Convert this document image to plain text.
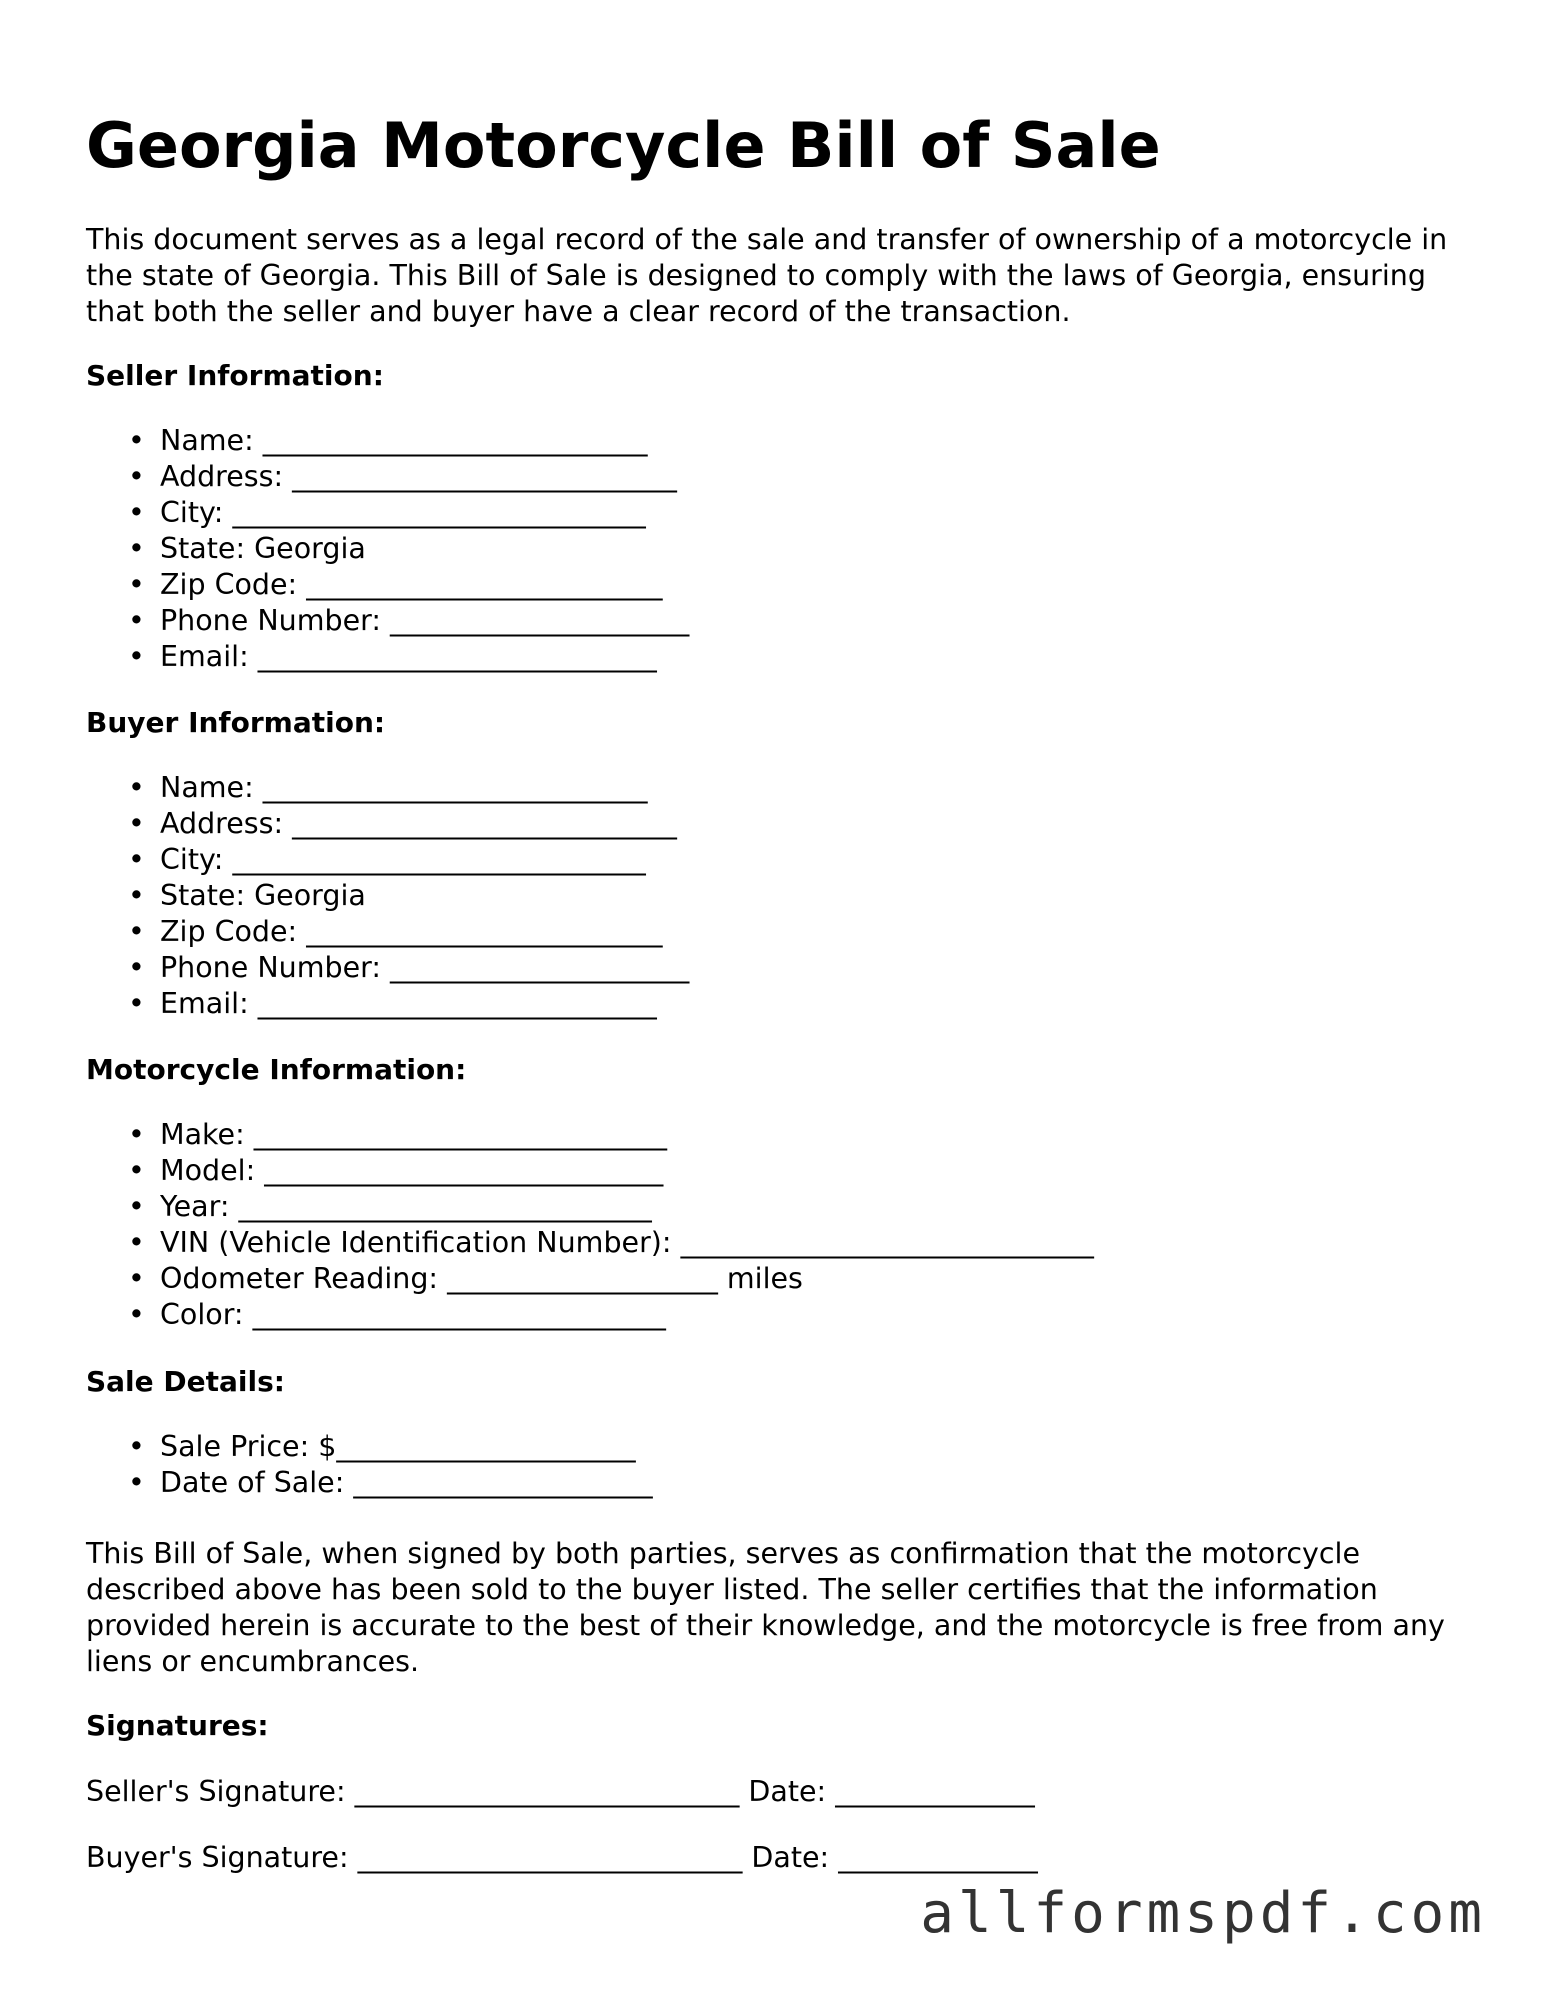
Georgia Motorcycle Bill of Sale

This document serves as a legal record of the sale and transfer of ownership of a motorcycle in the state of Georgia. This Bill of Sale is designed to comply with the laws of Georgia, ensuring that both the seller and buyer have a clear record of the transaction.

Seller Information:
• Name: ___________________________
• Address: ___________________________
• City: _____________________________
• State: Georgia
• Zip Code: _________________________
• Phone Number: _____________________
• Email: ____________________________
Buyer Information:
• Name: ___________________________
• Address: ___________________________
• City: _____________________________
• State: Georgia
• Zip Code: _________________________
• Phone Number: _____________________
• Email: ____________________________
Motorcycle Information:
• Make: _____________________________
• Model: ____________________________
• Year: _____________________________
• VIN (Vehicle Identification Number): _____________________________
• Odometer Reading: ___________________ miles
• Color: _____________________________
Sale Details:
• Sale Price: $_____________________
• Date of Sale: _____________________

This Bill of Sale, when signed by both parties, serves as confirmation that the motorcycle described above has been sold to the buyer listed. The seller certifies that the information provided herein is accurate to the best of their knowledge, and the motorcycle is free from any liens or encumbrances.

Signatures:
Seller's Signature: ___________________________ Date: ______________
Buyer's Signature: ___________________________ Date: ______________
allformspdf.com
